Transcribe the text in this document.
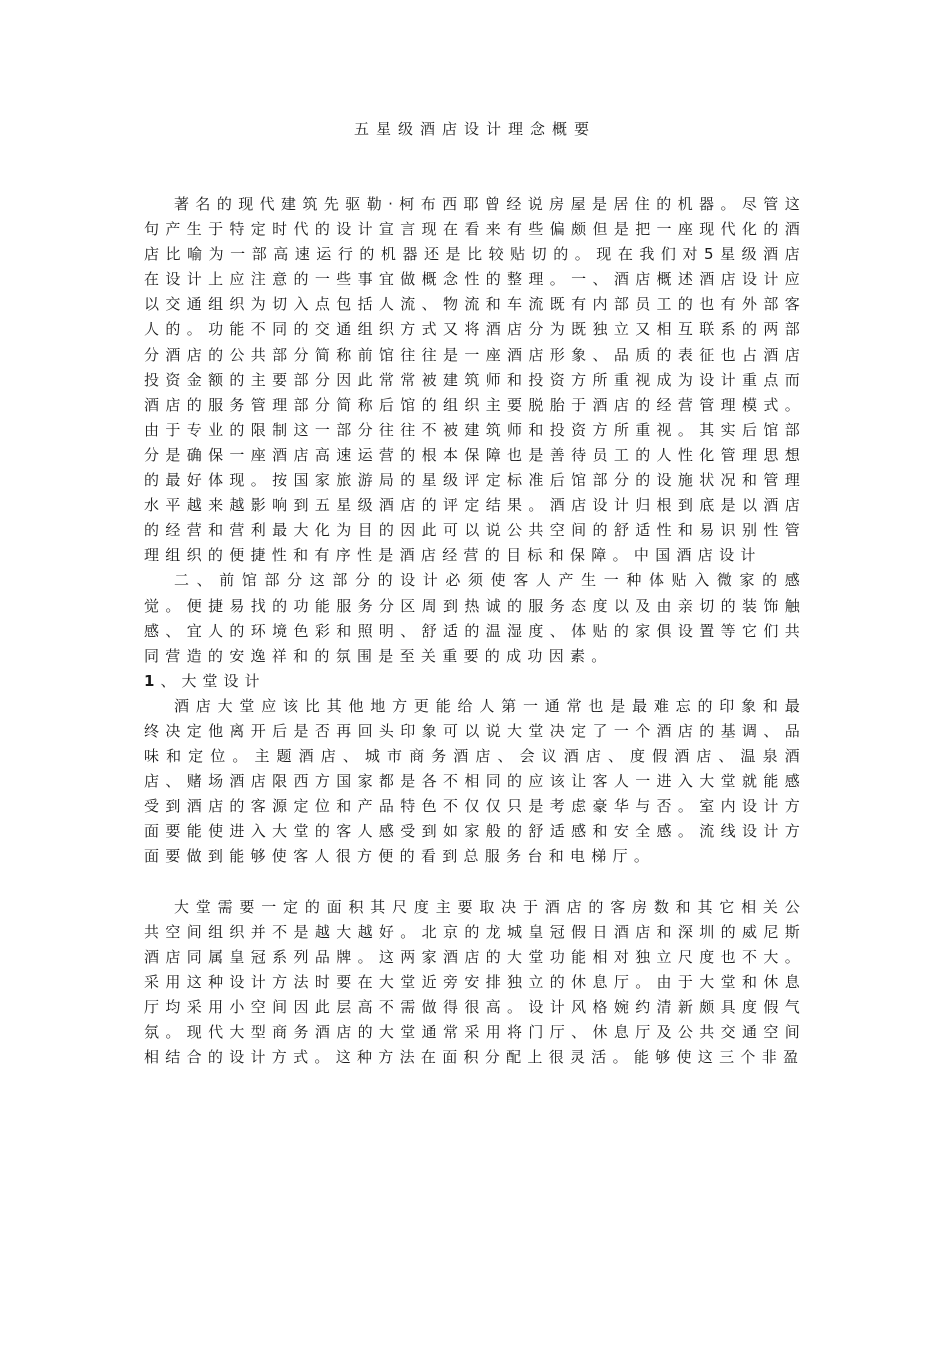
五星级酒店设计理念概要

著名的现代建筑先驱勒·柯布西耶曾经说房屋是居住的机器。尽管这句产生于特定时代的设计宣言现在看来有些偏颇但是把一座现代化的酒店比喻为一部高速运行的机器还是比较贴切的。现在我们对5星级酒店在设计上应注意的一些事宜做概念性的整理。一、酒店概述酒店设计应以交通组织为切入点包括人流、物流和车流既有内部员工的也有外部客人的。功能不同的交通组织方式又将酒店分为既独立又相互联系的两部分酒店的公共部分简称前馆往往是一座酒店形象、品质的表征也占酒店投资金额的主要部分因此常常被建筑师和投资方所重视成为设计重点而酒店的服务管理部分简称后馆的组织主要脱胎于酒店的经营管理模式。由于专业的限制这一部分往往不被建筑师和投资方所重视。其实后馆部分是确保一座酒店高速运营的根本保障也是善待员工的人性化管理思想的最好体现。按国家旅游局的星级评定标准后馆部分的设施状况和管理水平越来越影响到五星级酒店的评定结果。酒店设计归根到底是以酒店的经营和营利最大化为目的因此可以说公共空间的舒适性和易识别性管理组织的便捷性和有序性是酒店经营的目标和保障。中国酒店设计

二、前馆部分这部分的设计必须使客人产生一种体贴入微家的感觉。便捷易找的功能服务分区周到热诚的服务态度以及由亲切的装饰触感、宜人的环境色彩和照明、舒适的温湿度、体贴的家俱设置等它们共同营造的安逸祥和的氛围是至关重要的成功因素。

1、大堂设计

酒店大堂应该比其他地方更能给人第一通常也是最难忘的印象和最终决定他离开后是否再回头印象可以说大堂决定了一个酒店的基调、品味和定位。主题酒店、城市商务酒店、会议酒店、度假酒店、温泉酒店、赌场酒店限西方国家都是各不相同的应该让客人一进入大堂就能感受到酒店的客源定位和产品特色不仅仅只是考虑豪华与否。室内设计方面要能使进入大堂的客人感受到如家般的舒适感和安全感。流线设计方面要做到能够使客人很方便的看到总服务台和电梯厅。

大堂需要一定的面积其尺度主要取决于酒店的客房数和其它相关公共空间组织并不是越大越好。北京的龙城皇冠假日酒店和深圳的威尼斯酒店同属皇冠系列品牌。这两家酒店的大堂功能相对独立尺度也不大。采用这种设计方法时要在大堂近旁安排独立的休息厅。由于大堂和休息厅均采用小空间因此层高不需做得很高。设计风格婉约清新颇具度假气氛。现代大型商务酒店的大堂通常采用将门厅、休息厅及公共交通空间相结合的设计方式。这种方法在面积分配上很灵活。能够使这三个非盈
